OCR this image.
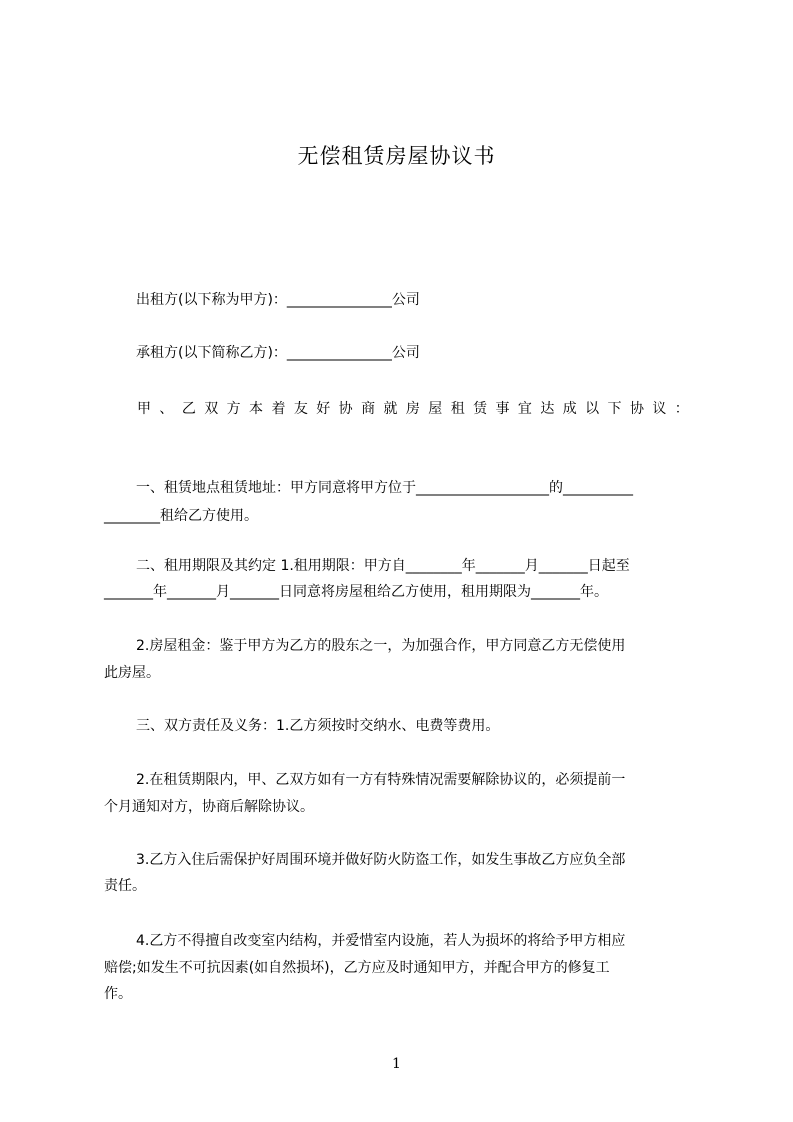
无偿租赁房屋协议书
出租方(以下称为甲方)：_______________公司
承租方(以下简称乙方)：_______________公司
甲 、 乙 双 方 本 着 友 好 协 商 就 房 屋 租 赁 事 宜 达 成 以 下 协 议 ：
一、租赁地点租赁地址：甲方同意将甲方位于___________________的__________
________租给乙方使用。
二、租用期限及其约定 1.租用期限：甲方自________年_______月_______日起至
_______年_______月_______日同意将房屋租给乙方使用，租用期限为_______年。
2.房屋租金：鉴于甲方为乙方的股东之一，为加强合作，甲方同意乙方无偿使用
此房屋。
三、双方责任及义务：1.乙方须按时交纳水、电费等费用。
2.在租赁期限内，甲、乙双方如有一方有特殊情况需要解除协议的，必须提前一
个月通知对方，协商后解除协议。
3.乙方入住后需保护好周围环境并做好防火防盗工作，如发生事故乙方应负全部
责任。
4.乙方不得擅自改变室内结构，并爱惜室内设施，若人为损坏的将给予甲方相应
赔偿;如发生不可抗因素(如自然损坏)，乙方应及时通知甲方，并配合甲方的修复工
作。
1
